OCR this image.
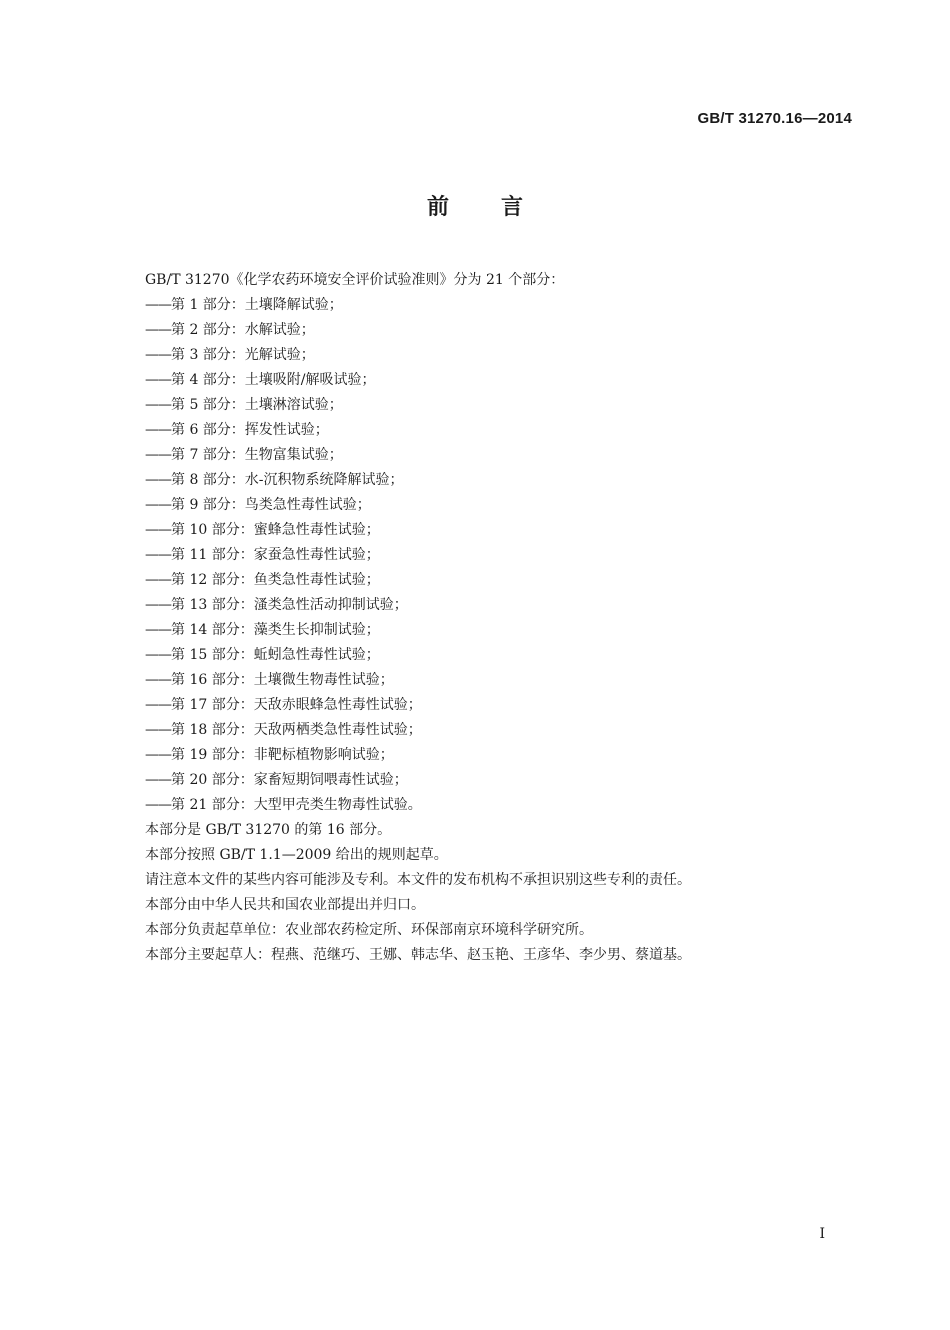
GB/T 31270.16—2014
前言
GB/T 31270《化学农药环境安全评价试验准则》分为 21 个部分：
——第 1 部分：土壤降解试验；
——第 2 部分：水解试验；
——第 3 部分：光解试验；
——第 4 部分：土壤吸附/解吸试验；
——第 5 部分：土壤淋溶试验；
——第 6 部分：挥发性试验；
——第 7 部分：生物富集试验；
——第 8 部分：水-沉积物系统降解试验；
——第 9 部分：鸟类急性毒性试验；
——第 10 部分：蜜蜂急性毒性试验；
——第 11 部分：家蚕急性毒性试验；
——第 12 部分：鱼类急性毒性试验；
——第 13 部分：溞类急性活动抑制试验；
——第 14 部分：藻类生长抑制试验；
——第 15 部分：蚯蚓急性毒性试验；
——第 16 部分：土壤微生物毒性试验；
——第 17 部分：天敌赤眼蜂急性毒性试验；
——第 18 部分：天敌两栖类急性毒性试验；
——第 19 部分：非靶标植物影响试验；
——第 20 部分：家畜短期饲喂毒性试验；
——第 21 部分：大型甲壳类生物毒性试验。
本部分是 GB/T 31270 的第 16 部分。
本部分按照 GB/T 1.1—2009 给出的规则起草。
请注意本文件的某些内容可能涉及专利。本文件的发布机构不承担识别这些专利的责任。
本部分由中华人民共和国农业部提出并归口。
本部分负责起草单位：农业部农药检定所、环保部南京环境科学研究所。
本部分主要起草人：程燕、范继巧、王娜、韩志华、赵玉艳、王彦华、李少男、蔡道基。
I
